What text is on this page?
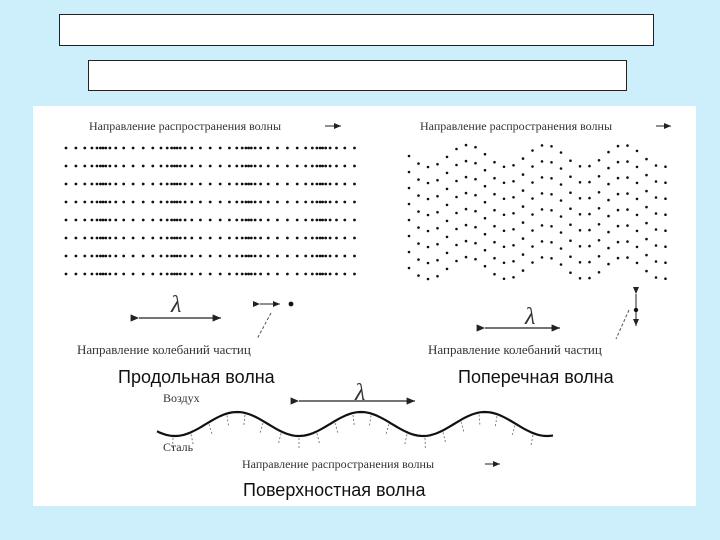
Направление распространения волны
λ
Направление колебаний частиц
Продольная волна
Направление распространения волны
λ
Направление колебаний частиц
Поперечная волна
λ
Воздух
Сталь
Направление распространения волны
Поверхностная волна
